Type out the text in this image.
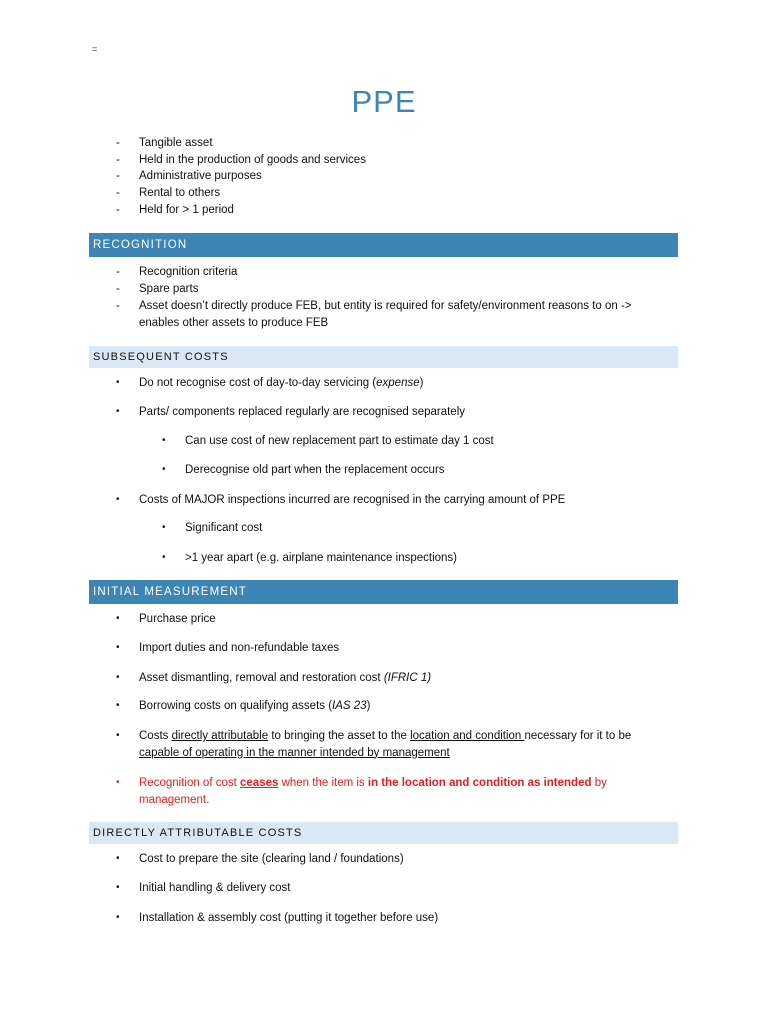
=
PPE
- Tangible asset
- Held in the production of goods and services
- Administrative purposes
- Rental to others
- Held for > 1 period
RECOGNITION
- Recognition criteria
- Spare parts
- Asset doesn’t directly produce FEB, but entity is required for safety/environment reasons to on -> enables other assets to produce FEB
SUBSEQUENT COSTS
• Do not recognise cost of day-to-day servicing (expense)
• Parts/ components replaced regularly are recognised separately
• Can use cost of new replacement part to estimate day 1 cost
• Derecognise old part when the replacement occurs
• Costs of MAJOR inspections incurred are recognised in the carrying amount of PPE
• Significant cost
• >1 year apart (e.g. airplane maintenance inspections)
INITIAL MEASUREMENT
• Purchase price
• Import duties and non-refundable taxes
• Asset dismantling, removal and restoration cost (IFRIC 1)
• Borrowing costs on qualifying assets (IAS 23)
• Costs directly attributable to bringing the asset to the location and condition necessary for it to be capable of operating in the manner intended by management
• Recognition of cost ceases when the item is in the location and condition as intended by management.
DIRECTLY ATTRIBUTABLE COSTS
• Cost to prepare the site (clearing land / foundations)
• Initial handling & delivery cost
• Installation & assembly cost (putting it together before use)
